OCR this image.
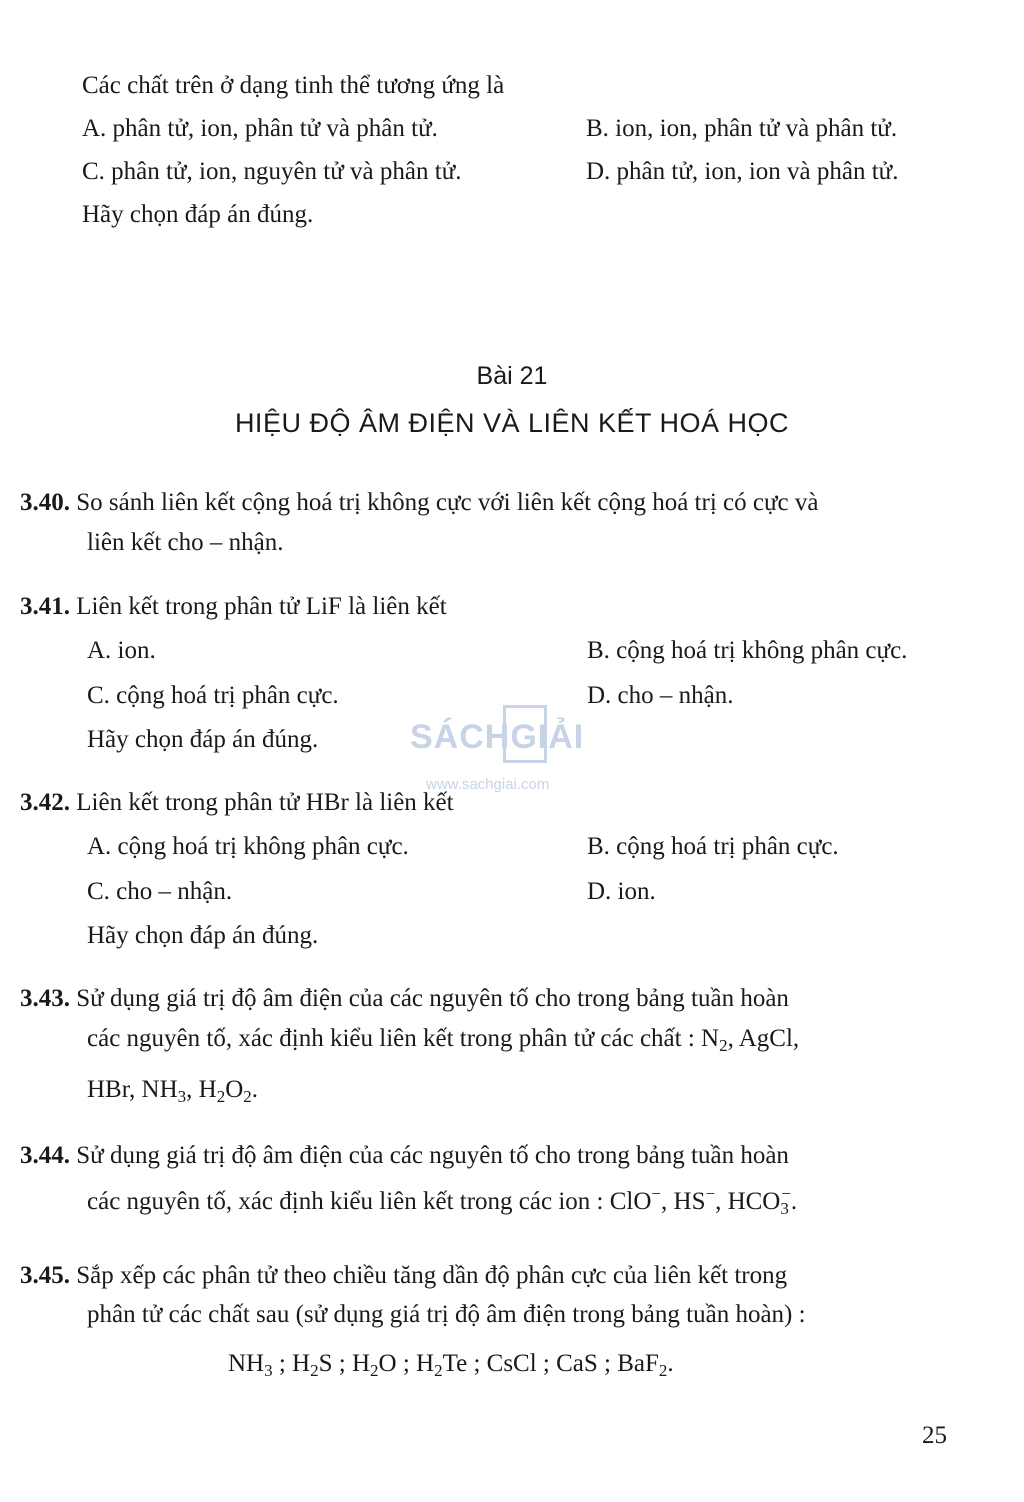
Các chất trên ở dạng tinh thể tương ứng là
A. phân tử, ion, phân tử và phân tử.	B. ion, ion, phân tử và phân tử.
C. phân tử, ion, nguyên tử và phân tử.	D. phân tử, ion, ion và phân tử.
Hãy chọn đáp án đúng.
Bài 21
HIỆU ĐỘ ÂM ĐIỆN VÀ LIÊN KẾT HOÁ HỌC
3.40. So sánh liên kết cộng hoá trị không cực với liên kết cộng hoá trị có cực và
liên kết cho – nhận.
3.41. Liên kết trong phân tử LiF là liên kết
A. ion.	B. cộng hoá trị không phân cực.
C. cộng hoá trị phân cực.	D. cho – nhận.
Hãy chọn đáp án đúng.	SÁCHGIẢI
www.sachgiai.com
3.42. Liên kết trong phân tử HBr là liên kết
A. cộng hoá trị không phân cực.	B. cộng hoá trị phân cực.
C. cho – nhận.	D. ion.
Hãy chọn đáp án đúng.
3.43. Sử dụng giá trị độ âm điện của các nguyên tố cho trong bảng tuần hoàn
các nguyên tố, xác định kiểu liên kết trong phân tử các chất : $N_2$, AgCl,
HBr, $NH_3$, $H_2O_2$.
3.44. Sử dụng giá trị độ âm điện của các nguyên tố cho trong bảng tuần hoàn
các nguyên tố, xác định kiểu liên kết trong các ion : ClO−, HS−, $HCO_3^-$.
3.45. Sắp xếp các phân tử theo chiều tăng dần độ phân cực của liên kết trong
phân tử các chất sau (sử dụng giá trị độ âm điện trong bảng tuần hoàn) :
$NH_3$ ; $H_2S$ ; $H_2O$ ; $H_2Te$ ; CsCl ; CaS ; BaF$_2$.
25
